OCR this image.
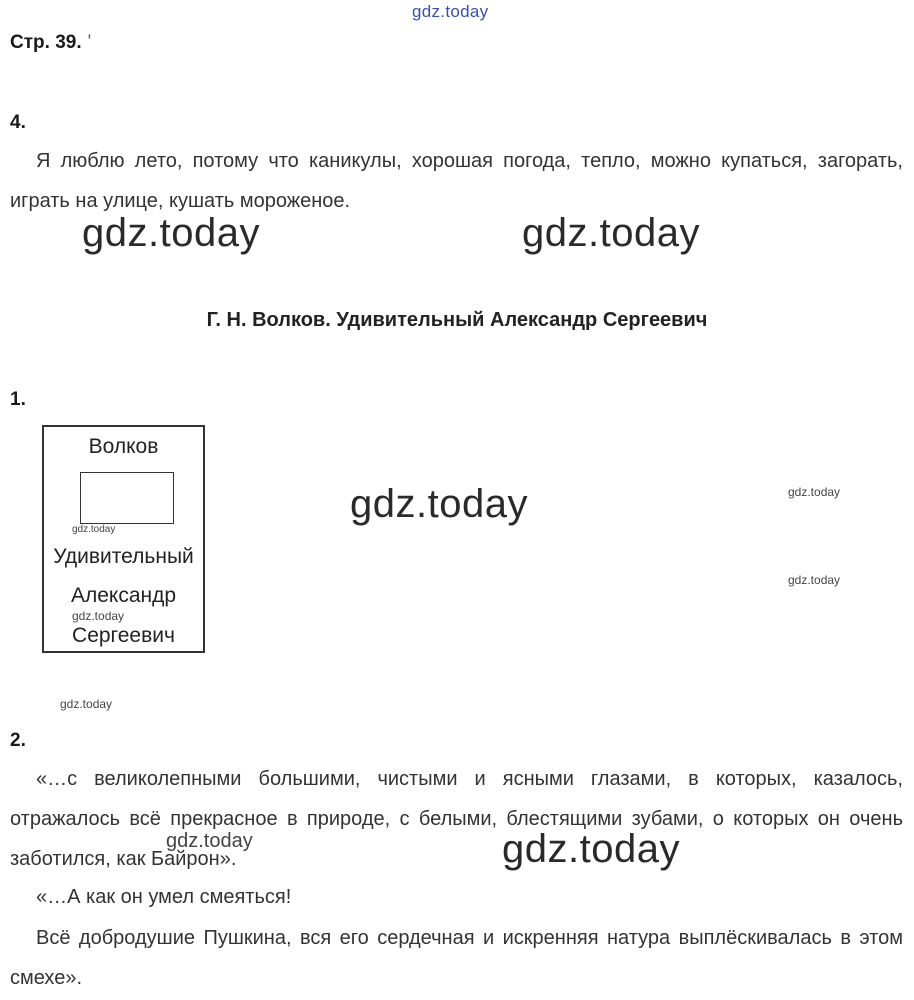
gdz.today
Стр. 39. '
4.
Я люблю лето, потому что каникулы, хорошая погода, тепло, можно купаться, загорать, играть на улице, кушать мороженое.
gdz.today	gdz.today
Г. Н. Волков. Удивительный Александр Сергеевич
1.
Волков
Удивительный
Александр
Сергеевич
gdz.today
gdz.today
gdz.today	gdz.today
gdz.today
gdz.today
2.
«…с великолепными большими, чистыми и ясными глазами, в которых, казалось, отражалось всё прекрасное в природе, с белыми, блестящими зубами, о которых он очень заботился, как Байрон».
«…А как он умел смеяться!
Всё добродушие Пушкина, вся его сердечная и искренняя натура выплёскивалась в этом смехе».
gdz.today	gdz.today
